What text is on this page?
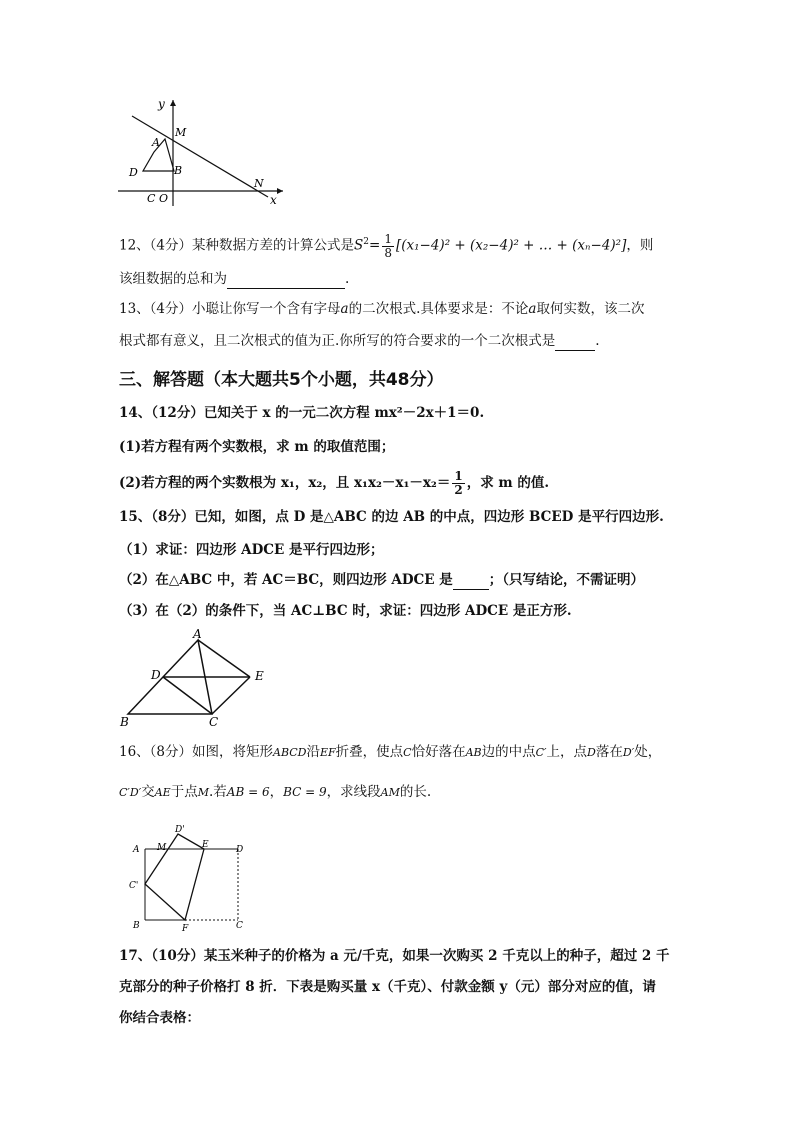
y
x
M
A
B
D
C O
N
12、（4分）某种数据方差的计算公式是$S^2= \frac{1}{8} [(x_1-4)^2 + (x_2-4)^2$ + … + (xₙ−4)²]，则
该组数据的总和为	.
13、（4分）小聪让你写一个含有字母a的二次根式.具体要求是：不论a取何实数，该二次
根式都有意义，且二次根式的值为正.你所写的符合要求的一个二次根式是	.
三、解答题（本大题共5个小题，共48分）
14、（12分）已知关于 x 的一元二次方程 mx²－2x＋1＝0.
(1)若方程有两个实数根，求 m 的取值范围；
(2)若方程的两个实数根为 x₁，x₂，且 $x_1x_2-x_1-x_2= \frac{1}{2}$ ，求 m 的值.
15、（8分）已知，如图，点 D 是△ABC 的边 AB 的中点，四边形 BCED 是平行四边形.
（1）求证：四边形 ADCE 是平行四边形；
（2）在△ABC 中，若 AC＝BC，则四边形 ADCE 是	；（只写结论，不需证明）
（3）在（2）的条件下，当 AC⊥BC 时，求证：四边形 ADCE 是正方形.
A
D	E
B	C
16、（8分）如图，将矩形ABCD沿EF折叠，使点C恰好落在AB边的中点C′上，点D落在D′处，
C′D′交AE于点M.若AB = 6，BC = 9，求线段AM的长.
D'
A M	E	D
C'
B	F	C
17、（10分）某玉米种子的价格为 a 元/千克，如果一次购买 2 千克以上的种子，超过 2 千
克部分的种子价格打 8 折．下表是购买量 x（千克）、付款金额 y（元）部分对应的值，请
你结合表格：
